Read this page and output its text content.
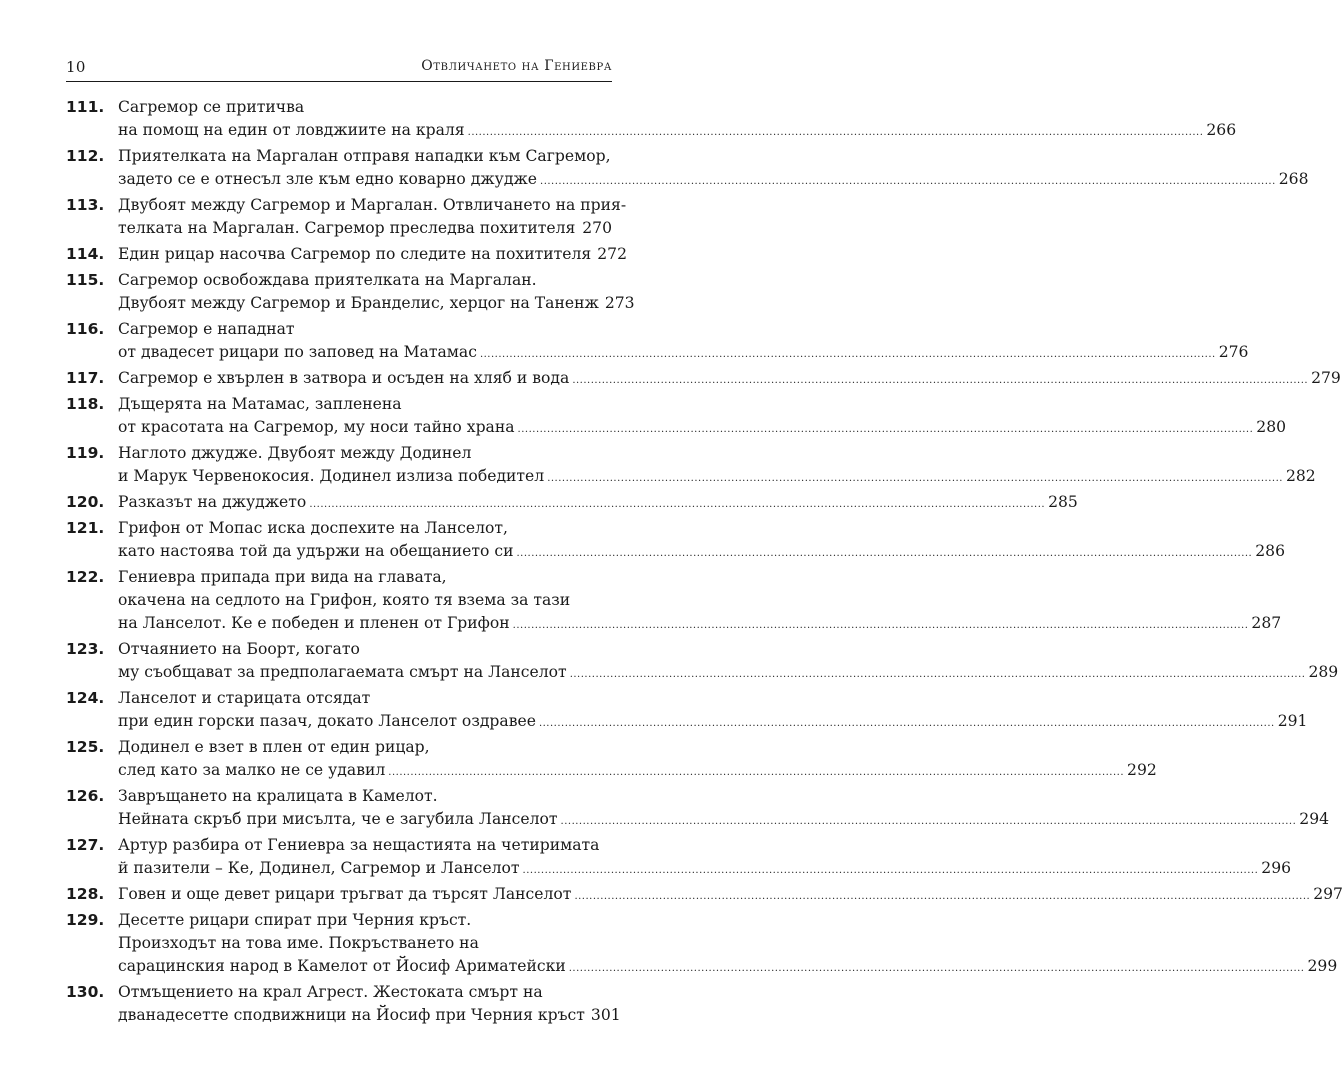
10	Отвличането на Гениевра
111. Сагремор се притичва
на помощ на един от ловджиите на краля ........................................................................................................................................................................................................ 266
112. Приятелката на Маргалан отправя нападки към Сагремор,
задето се е отнесъл зле към едно коварно джудже ........................................................................................................................................................................................................ 268
113. Двубоят между Сагремор и Маргалан. Отвличането на прия-
телката на Маргалан. Сагремор преследва похитителя 270
114. Един рицар насочва Сагремор по следите на похитителя 272
115. Сагремор освобождава приятелката на Маргалан.
Двубоят между Сагремор и Бранделис, херцог на Таненж 273
116. Сагремор е нападнат
от двадесет рицари по заповед на Матамас ........................................................................................................................................................................................................ 276
117. Сагремор е хвърлен в затвора и осъден на хляб и вода ........................................................................................................................................................................................................ 279
118. Дъщерята на Матамас, запленена
от красотата на Сагремор, му носи тайно храна ........................................................................................................................................................................................................ 280
119. Наглото джудже. Двубоят между Додинел
и Марук Червенокосия. Додинел излиза победител ........................................................................................................................................................................................................ 282
120. Разказът на джуджето ........................................................................................................................................................................................................ 285
121. Грифон от Мопас иска доспехите на Ланселот,
като настоява той да удържи на обещанието си ........................................................................................................................................................................................................ 286
122. Гениевра припада при вида на главата,
окачена на седлото на Грифон, която тя взема за тази
на Ланселот. Ке е победен и пленен от Грифон ........................................................................................................................................................................................................ 287
123. Отчаянието на Боорт, когато
му съобщават за предполагаемата смърт на Ланселот ........................................................................................................................................................................................................ 289
124. Ланселот и старицата отсядат
при един горски пазач, докато Ланселот оздравее ........................................................................................................................................................................................................ 291
125. Додинел е взет в плен от един рицар,
след като за малко не се удавил ........................................................................................................................................................................................................ 292
126. Завръщането на кралицата в Камелот.
Нейната скръб при мисълта, че е загубила Ланселот ........................................................................................................................................................................................................ 294
127. Артур разбира от Гениевра за нещастията на четиримата
й пазители – Ке, Додинел, Сагремор и Ланселот ........................................................................................................................................................................................................ 296
128. Говен и още девет рицари тръгват да търсят Ланселот ........................................................................................................................................................................................................ 297
129. Десетте рицари спират при Черния кръст.
Произходът на това име. Покръстването на
сарацинския народ в Камелот от Йосиф Ариматейски ........................................................................................................................................................................................................ 299
130. Отмъщението на крал Агрест. Жестоката смърт на
дванадесетте сподвижници на Йосиф при Черния кръст 301
